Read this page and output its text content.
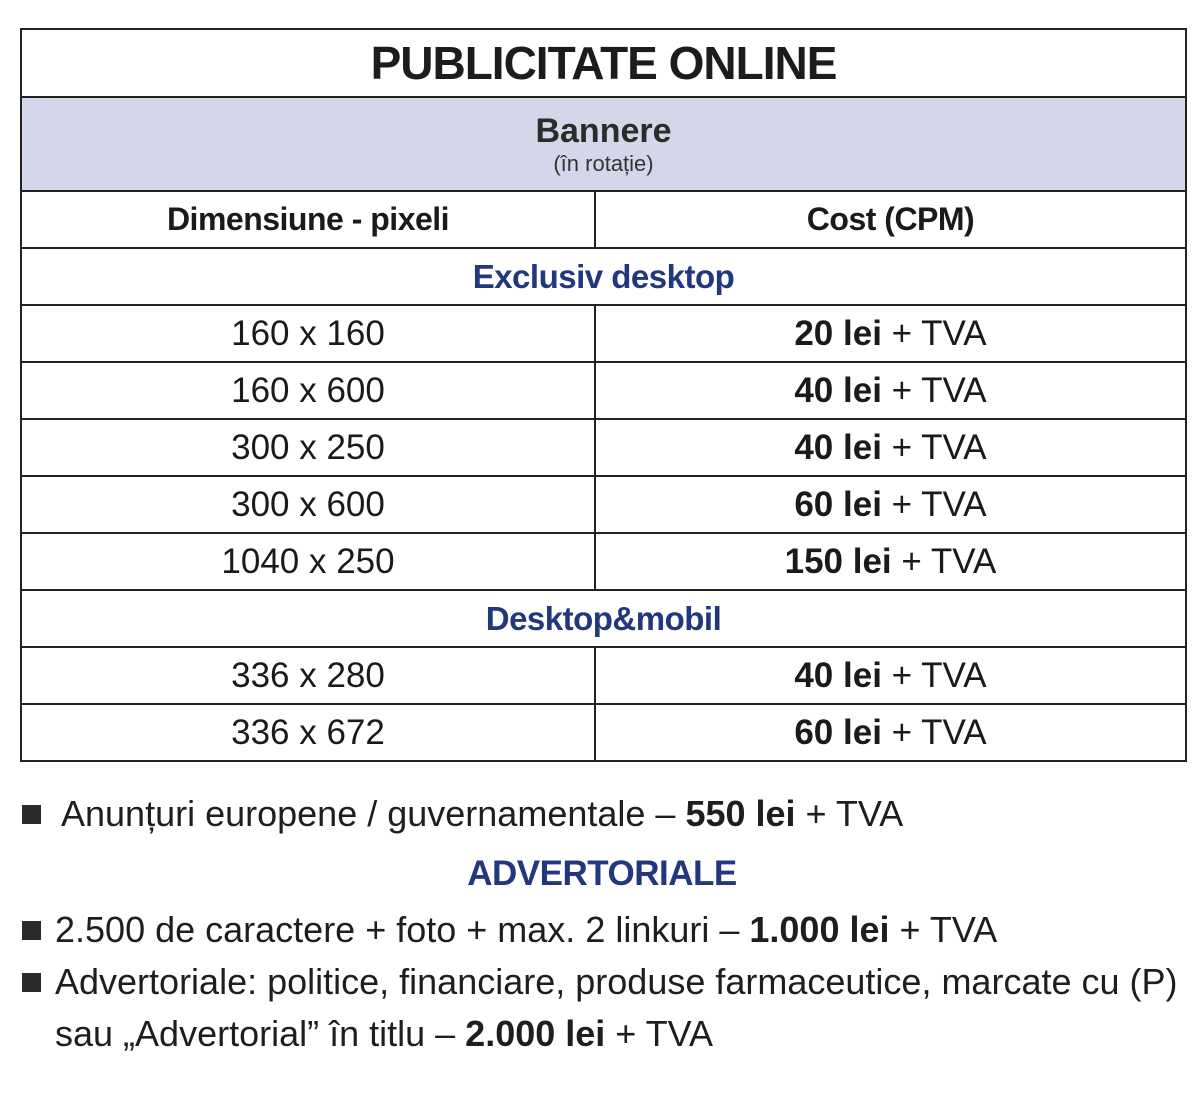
PUBLICITATE ONLINE	

Bannere
(în rotație)	

Dimensiune - pixeli	Cost (CPM)
Exclusiv desktop	
160 x 160	20 lei + TVA
160 x 600	40 lei + TVA
300 x 250	40 lei + TVA
300 x 600	60 lei + TVA
1040 x 250	150 lei + TVA
Desktop&mobil	
336 x 280	40 lei + TVA
336 x 672	60 lei + TVA
Anunțuri europene / guvernamentale – 550 lei + TVA
ADVERTORIALE
2.500 de caractere + foto + max. 2 linkuri – 1.000 lei + TVA
Advertoriale: politice, financiare, produse farmaceutice, marcate cu (P) sau „Advertorial” în titlu – 2.000 lei + TVA
